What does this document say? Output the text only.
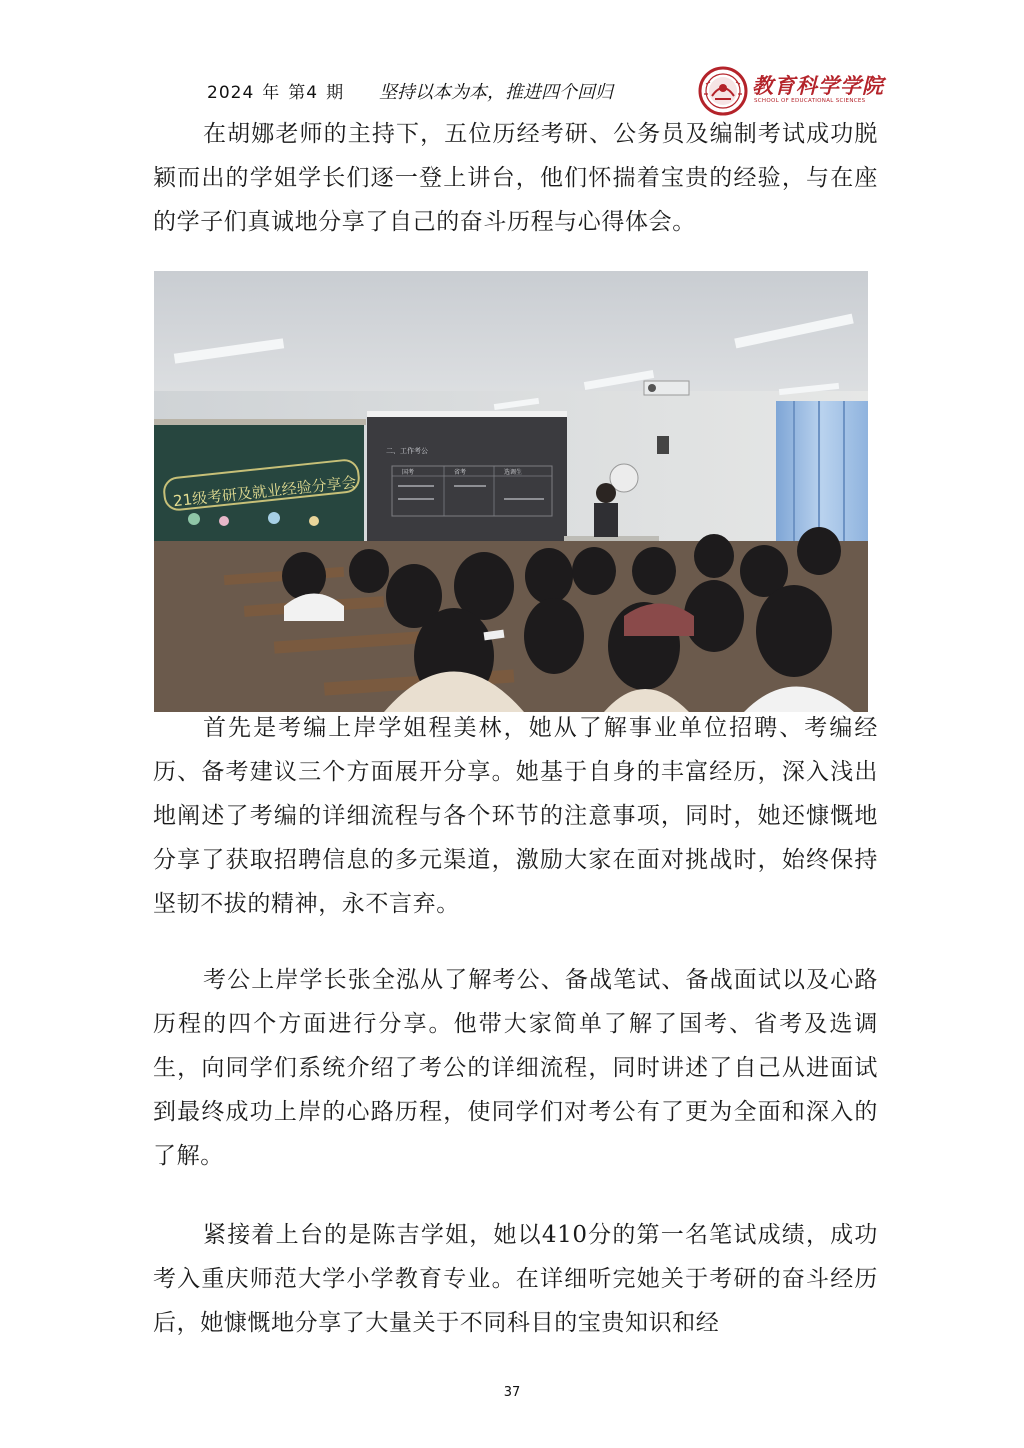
2024 年 第4 期	坚持以本为本，推进四个回归	教育科学学院
SCHOOL OF EDUCATIONAL SCIENCES

在胡娜老师的主持下，五位历经考研、公务员及编制考试成功脱颖而出的学姐学长们逐一登上讲台，他们怀揣着宝贵的经验，与在座的学子们真诚地分享了自己的奋斗历程与心得体会。

21级考研及就业经验分享会
二、工作考公
国考	省考	选调生

首先是考编上岸学姐程美林，她从了解事业单位招聘、考编经历、备考建议三个方面展开分享。她基于自身的丰富经历，深入浅出地阐述了考编的详细流程与各个环节的注意事项，同时，她还慷慨地分享了获取招聘信息的多元渠道，激励大家在面对挑战时，始终保持坚韧不拔的精神，永不言弃。

考公上岸学长张全泓从了解考公、备战笔试、备战面试以及心路历程的四个方面进行分享。他带大家简单了解了国考、省考及选调生，向同学们系统介绍了考公的详细流程，同时讲述了自己从进面试到最终成功上岸的心路历程，使同学们对考公有了更为全面和深入的了解。

紧接着上台的是陈吉学姐，她以410分的第一名笔试成绩，成功考入重庆师范大学小学教育专业。在详细听完她关于考研的奋斗经历后，她慷慨地分享了大量关于不同科目的宝贵知识和经

37
